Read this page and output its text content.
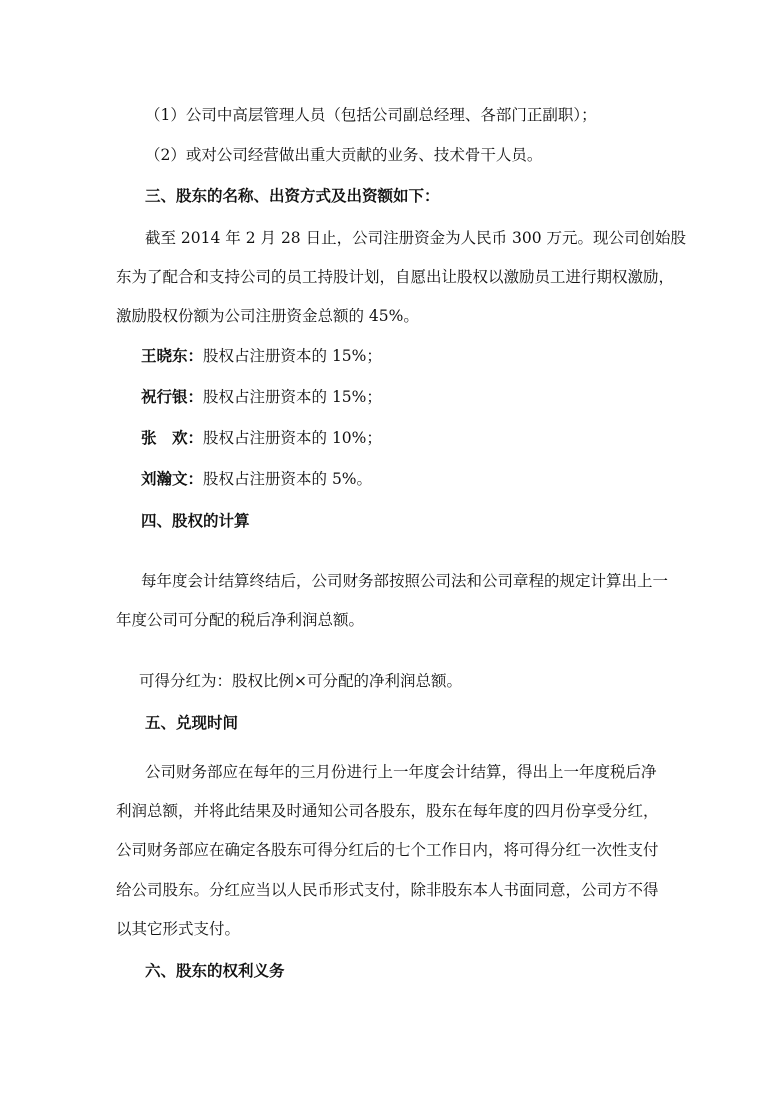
（1）公司中高层管理人员（包括公司副总经理、各部门正副职）；
（2）或对公司经营做出重大贡献的业务、技术骨干人员。
三、股东的名称、出资方式及出资额如下：
截至 2014 年 2 月 28 日止，公司注册资金为人民币 300 万元。现公司创始股
东为了配合和支持公司的员工持股计划，自愿出让股权以激励员工进行期权激励，
激励股权份额为公司注册资金总额的 45%。
王晓东：股权占注册资本的 15%；
祝行银：股权占注册资本的 15%；
张　欢：股权占注册资本的 10%；
刘瀚文：股权占注册资本的 5%。
四、股权的计算
每年度会计结算终结后，公司财务部按照公司法和公司章程的规定计算出上一
年度公司可分配的税后净利润总额。
可得分红为：股权比例×可分配的净利润总额。
五、兑现时间
公司财务部应在每年的三月份进行上一年度会计结算，得出上一年度税后净
利润总额，并将此结果及时通知公司各股东，股东在每年度的四月份享受分红，
公司财务部应在确定各股东可得分红后的七个工作日内，将可得分红一次性支付
给公司股东。分红应当以人民币形式支付，除非股东本人书面同意，公司方不得
以其它形式支付。
六、股东的权利义务
